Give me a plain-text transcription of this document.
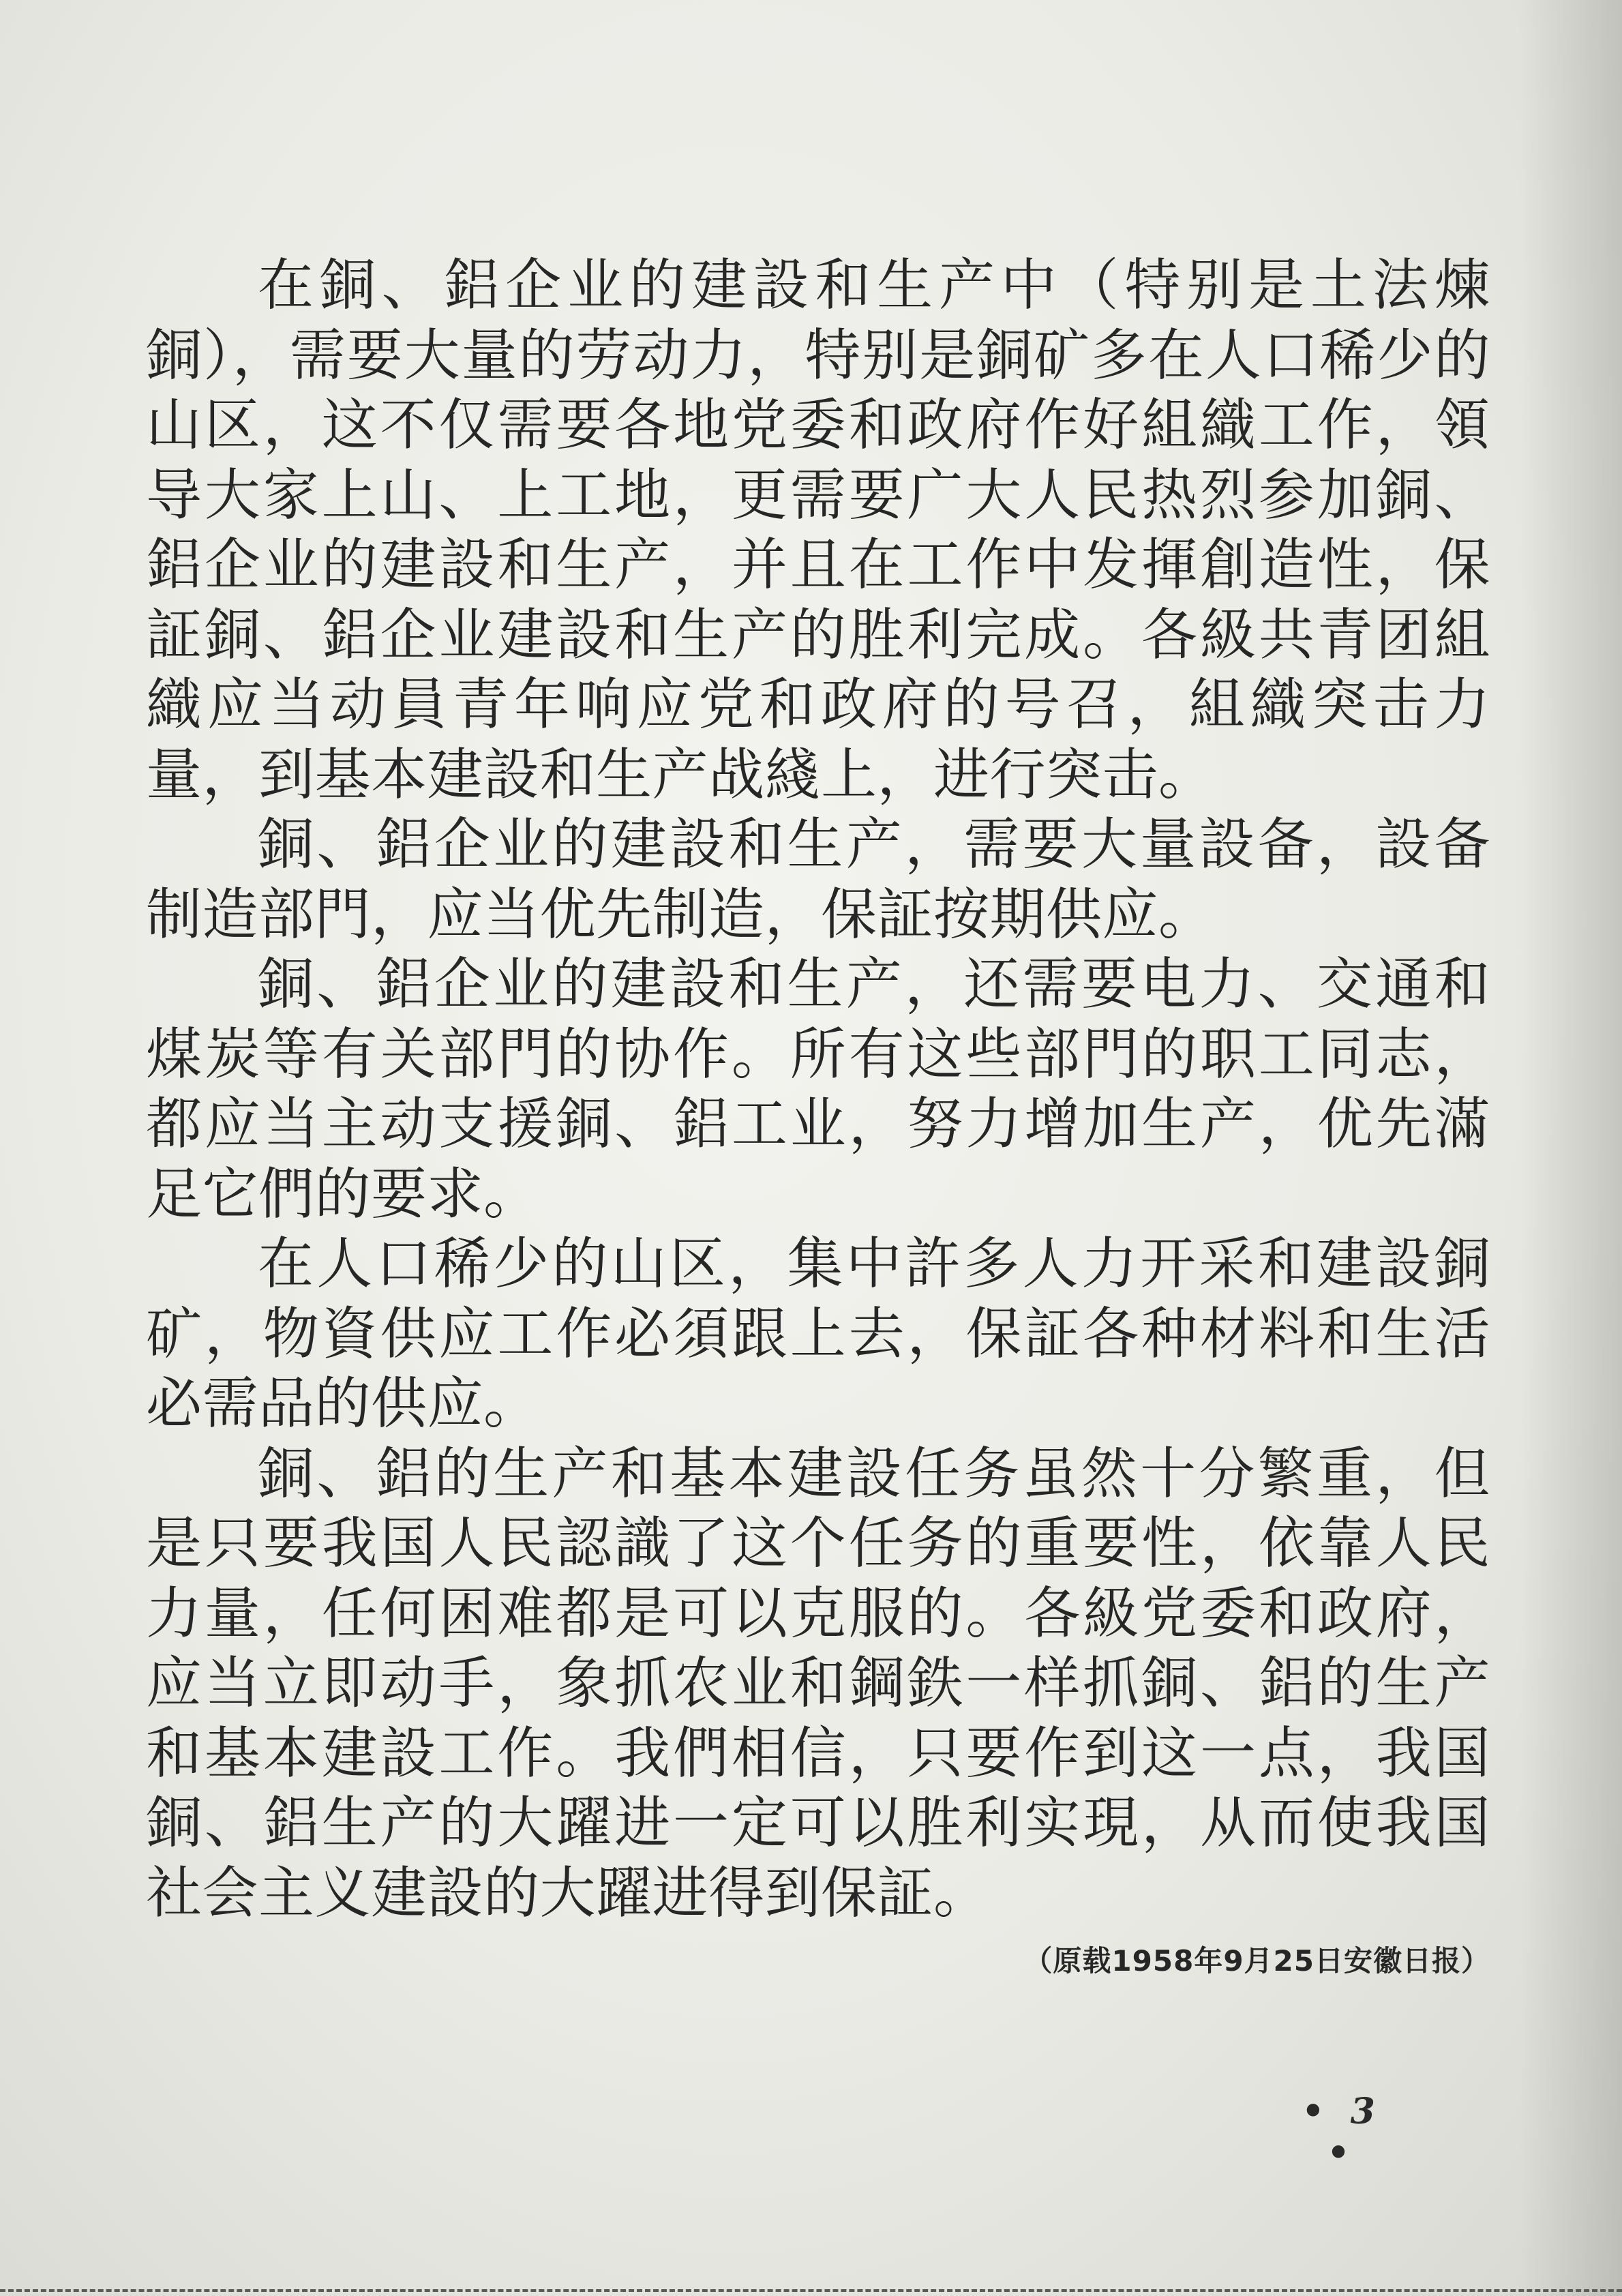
在銅、鋁企业的建設和生产中（特别是土法煉銅），需要大量的劳动力，特别是銅矿多在人口稀少的山区，这不仅需要各地党委和政府作好組織工作，領导大家上山、上工地，更需要广大人民热烈参加銅、鋁企业的建設和生产，并且在工作中发揮創造性，保証銅、鋁企业建設和生产的胜利完成。各級共青团組織应当动員青年响应党和政府的号召，組織突击力量，到基本建設和生产战綫上，进行突击。

銅、鋁企业的建設和生产，需要大量設备，設备制造部門，应当优先制造，保証按期供应。

銅、鋁企业的建設和生产，还需要电力、交通和煤炭等有关部門的协作。所有这些部門的职工同志，都应当主动支援銅、鋁工业，努力增加生产，优先滿足它們的要求。

在人口稀少的山区，集中許多人力开采和建設銅矿，物資供应工作必須跟上去，保証各种材料和生活必需品的供应。

銅、鋁的生产和基本建設任务虽然十分繁重，但是只要我国人民認識了这个任务的重要性，依靠人民力量，任何困难都是可以克服的。各級党委和政府，应当立即动手，象抓农业和鋼鉄一样抓銅、鋁的生产和基本建設工作。我們相信，只要作到这一点，我国銅、鋁生产的大躍进一定可以胜利实現，从而使我国社会主义建設的大躍进得到保証。

（原载1958年9月25日安徽日报）

• 3 •
